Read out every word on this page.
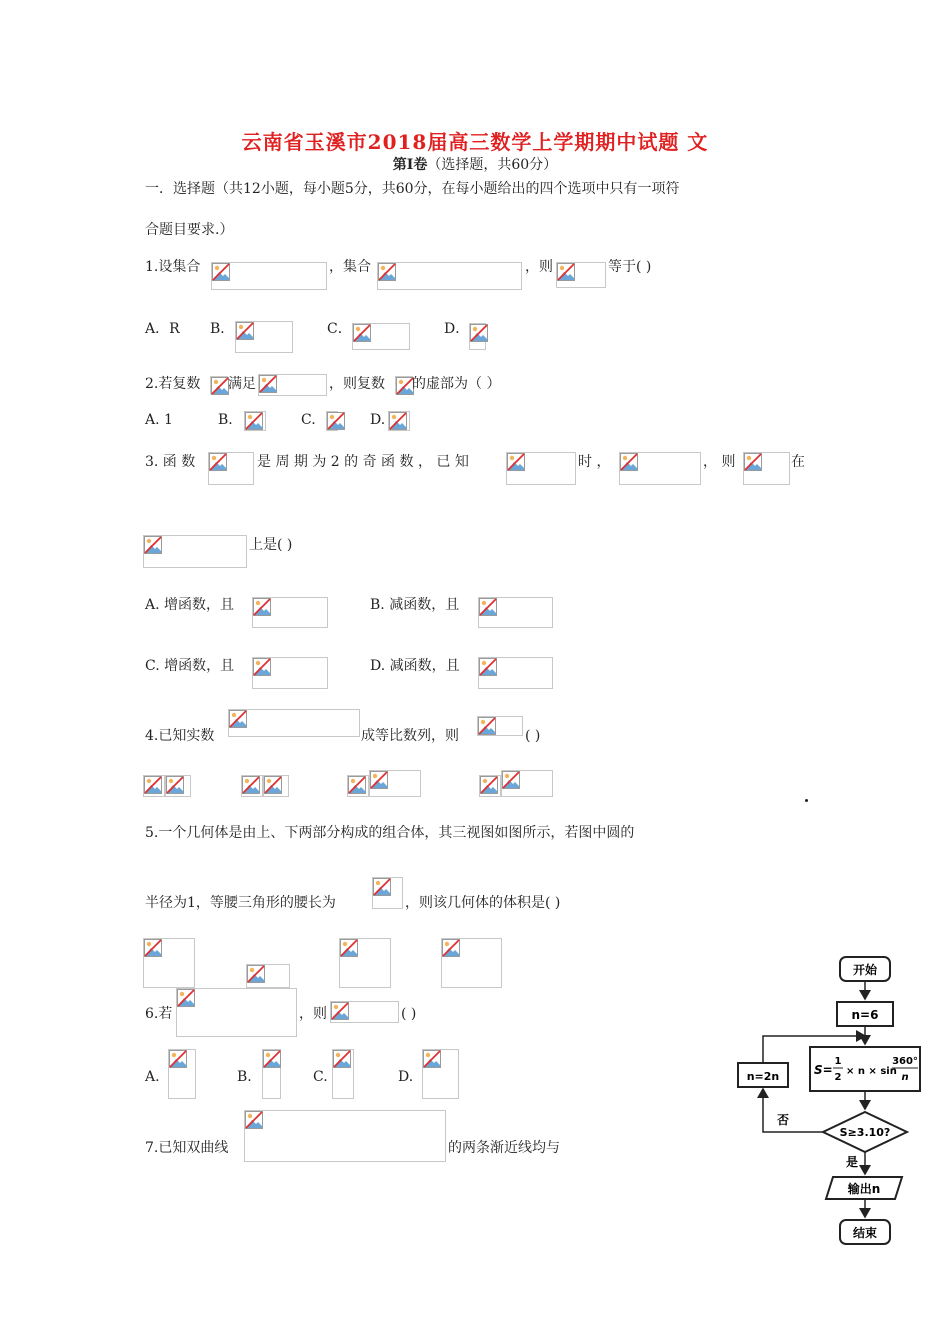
云南省玉溪市2018届高三数学上学期期中试题 文
第Ⅰ卷（选择题，共60分）
一．选择题（共12小题，每小题5分，共60分，在每小题给出的四个选项中只有一项符
合题目要求.）
1.设集合	，集合	，则	等于( )
A．R B．	C．	D．
2.若复数 满足	，则复数 的虚部为（ ）
A. 1	B.	C.	D.
3. 函 数	是 周 期 为 2 的 奇 函 数 ， 已 知	时 ，	， 则	在
上是( )
A. 增函数，且	B. 减函数，且
C. 增函数，且	D. 减函数，且
4.已知实数	成等比数列，则	( )
5.一个几何体是由上、下两部分构成的组合体，其三视图如图所示，若图中圆的
半径为1，等腰三角形的腰长为	，则该几何体的体积是( )
6.若	，则	( )
A.	B.	C.	D.
7.已知双曲线	的两条渐近线均与
开始
n=6
S=
1
2
× n × sin
360°
n
S≥3.10?
否
n=2n
是
输出n
结束
